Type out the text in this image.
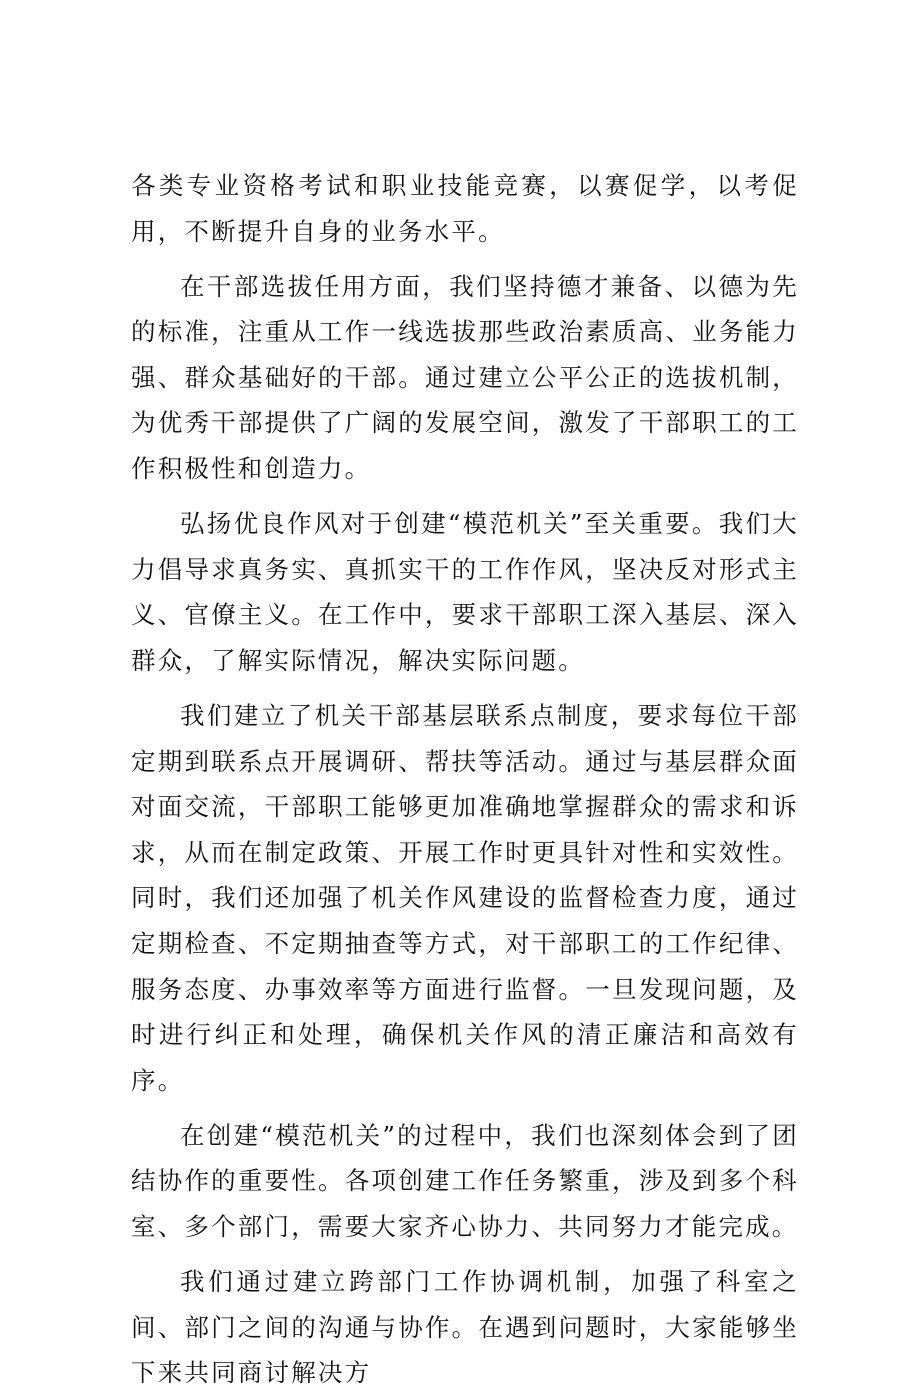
各类专业资格考试和职业技能竞赛，以赛促学，以考促用，不断提升自身的业务水平。

在干部选拔任用方面，我们坚持德才兼备、以德为先的标准，注重从工作一线选拔那些政治素质高、业务能力强、群众基础好的干部。通过建立公平公正的选拔机制，为优秀干部提供了广阔的发展空间，激发了干部职工的工作积极性和创造力。

弘扬优良作风对于创建“模范机关”至关重要。我们大力倡导求真务实、真抓实干的工作作风，坚决反对形式主义、官僚主义。在工作中，要求干部职工深入基层、深入群众，了解实际情况，解决实际问题。

我们建立了机关干部基层联系点制度，要求每位干部定期到联系点开展调研、帮扶等活动。通过与基层群众面对面交流，干部职工能够更加准确地掌握群众的需求和诉求，从而在制定政策、开展工作时更具针对性和实效性。同时，我们还加强了机关作风建设的监督检查力度，通过定期检查、不定期抽查等方式，对干部职工的工作纪律、服务态度、办事效率等方面进行监督。一旦发现问题，及时进行纠正和处理，确保机关作风的清正廉洁和高效有序。

在创建“模范机关”的过程中，我们也深刻体会到了团结协作的重要性。各项创建工作任务繁重，涉及到多个科室、多个部门，需要大家齐心协力、共同努力才能完成。

我们通过建立跨部门工作协调机制，加强了科室之间、部门之间的沟通与协作。在遇到问题时，大家能够坐下来共同商讨解决方
